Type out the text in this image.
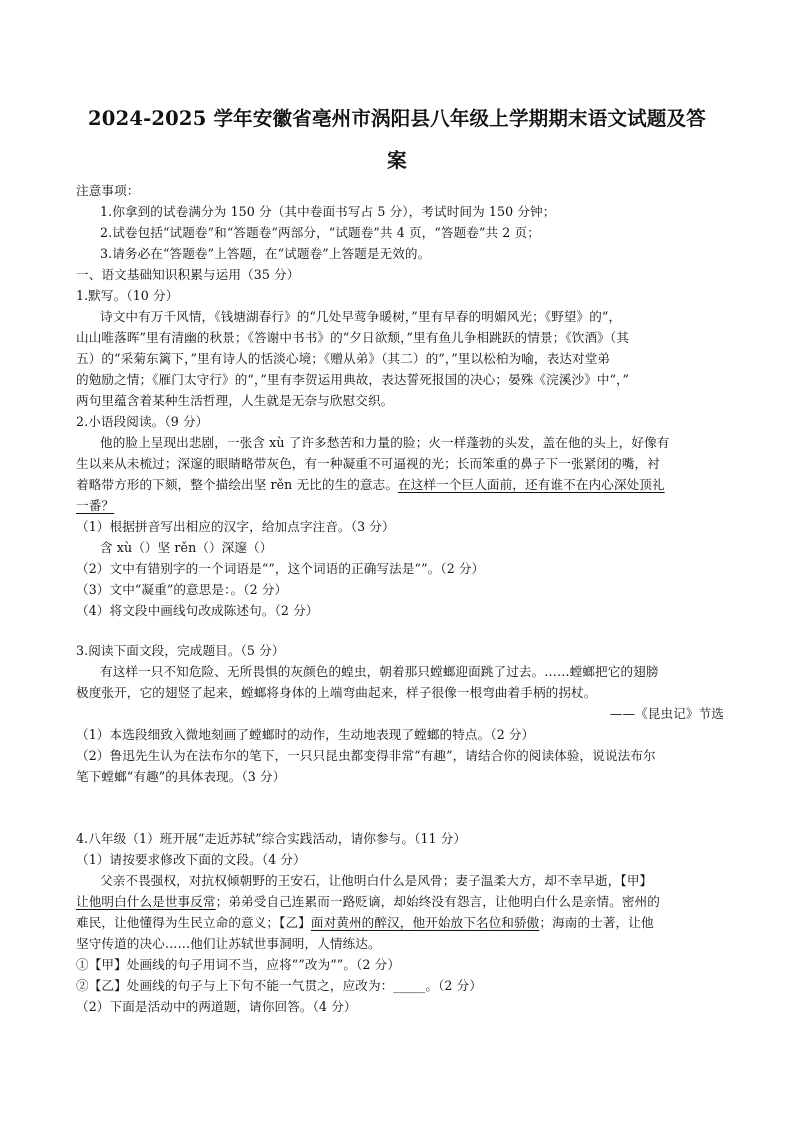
2024-2025 学年安徽省亳州市涡阳县八年级上学期期末语文试题及答
案
注意事项：
1.你拿到的试卷满分为 150 分（其中卷面书写占 5 分），考试时间为 150 分钟；
2.试卷包括“试题卷”和“答题卷”两部分，“试题卷”共 4 页，“答题卷”共 2 页；
3.请务必在“答题卷”上答题，在“试题卷”上答题是无效的。
一、语文基础知识积累与运用（35 分）
1.默写。（10 分）
诗文中有万千风情，《钱塘湖春行》的“几处早莺争暖树，”里有早春的明媚风光；《野望》的“，
山山唯落晖”里有清幽的秋景；《答谢中书书》的“夕日欲颓，”里有鱼儿争相跳跃的情景；《饮酒》（其
五）的“采菊东篱下，”里有诗人的恬淡心境；《赠从弟》（其二）的“，”里以松柏为喻，表达对堂弟
的勉励之情；《雁门太守行》的“，”里有李贺运用典故，表达誓死报国的决心；晏殊《浣溪沙》中“，”
两句里蕴含着某种生活哲理，人生就是无奈与欣慰交织。
2.小语段阅读。（9 分）
他的脸上呈现出悲剧，一张含 xù 了许多愁苦和力量的脸；火一样蓬勃的头发，盖在他的头上，好像有
生以来从未梳过；深邃的眼睛略带灰色，有一种凝重不可逼视的光；长而笨重的鼻子下一张紧闭的嘴，衬
着略带方形的下颏，整个描绘出坚 rěn 无比的生的意志。在这样一个巨人面前，还有谁不在内心深处顶礼
一番？
（1）根据拼音写出相应的汉字，给加点字注音。（3 分）
含 xù（）坚 rěn（）深邃（）
（2）文中有错别字的一个词语是“”，这个词语的正确写法是“”。（2 分）
（3）文中“凝重”的意思是：。（2 分）
（4）将文段中画线句改成陈述句。（2 分）
3.阅读下面文段，完成题目。（5 分）
有这样一只不知危险、无所畏惧的灰颜色的蝗虫，朝着那只螳螂迎面跳了过去。……螳螂把它的翅膀
极度张开，它的翅竖了起来，螳螂将身体的上端弯曲起来，样子很像一根弯曲着手柄的拐杖。
——《昆虫记》节选
（1）本选段细致入微地刻画了螳螂时的动作，生动地表现了螳螂的特点。（2 分）
（2）鲁迅先生认为在法布尔的笔下，一只只昆虫都变得非常“有趣”，请结合你的阅读体验，说说法布尔
笔下螳螂“有趣”的具体表现。（3 分）
4.八年级（1）班开展“走近苏轼”综合实践活动，请你参与。（11 分）
（1）请按要求修改下面的文段。（4 分）
父亲不畏强权，对抗权倾朝野的王安石，让他明白什么是风骨；妻子温柔大方，却不幸早逝，【甲】
让他明白什么是世事反常；弟弟受自己连累而一路贬谪，却始终没有怨言，让他明白什么是亲情。密州的
难民，让他懂得为生民立命的意义；【乙】面对黄州的醉汉，他开始放下名位和骄傲；海南的士著，让他
坚守传道的决心……他们让苏轼世事洞明，人情练达。
①【甲】处画线的句子用词不当，应将“”改为“”。（2 分）
②【乙】处画线的句子与上下句不能一气贯之，应改为：_____。（2 分）
（2）下面是活动中的两道题，请你回答。（4 分）
